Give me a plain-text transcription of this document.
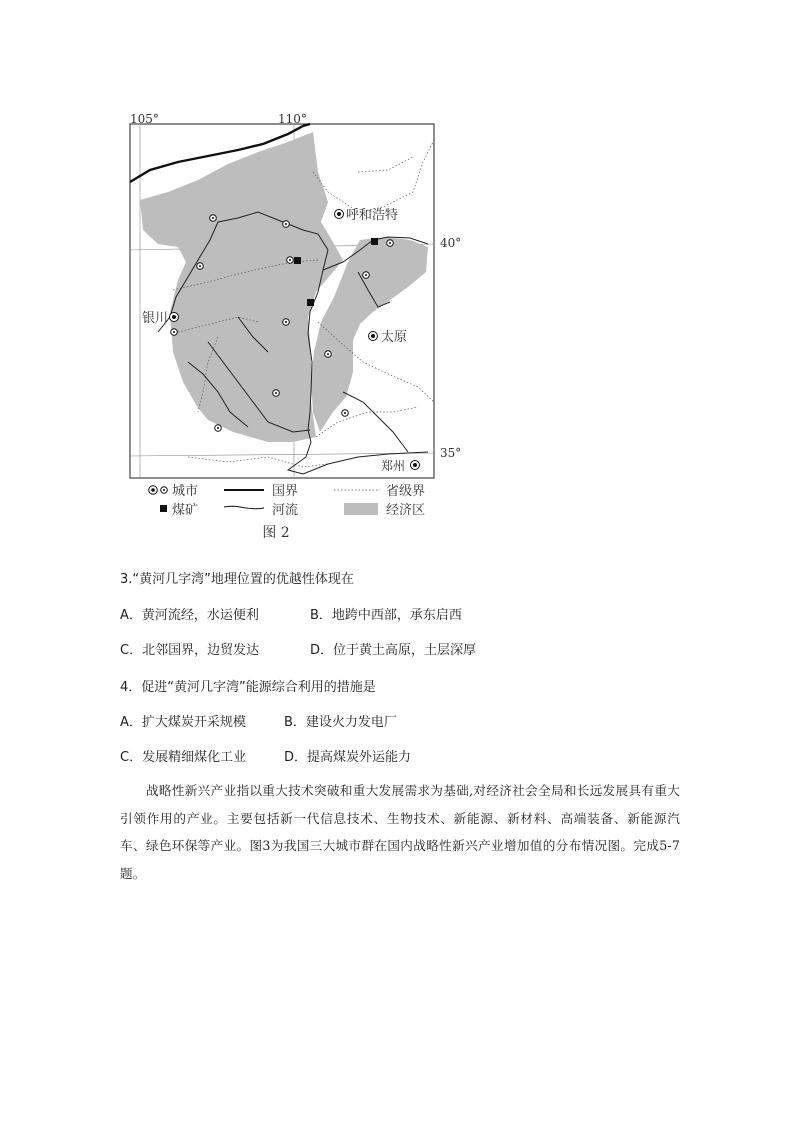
105°	110°
40°
35°
呼和浩特
银川
太原
郑州
城市	国界	省级界
煤矿	河流	经济区
图 2
3.“黄河几字湾”地理位置的优越性体现在
A．黄河流经，水运便利	B．地跨中西部，承东启西
C．北邻国界，边贸发达	D．位于黄土高原，土层深厚
4．促进“黄河几字湾”能源综合利用的措施是
A．扩大煤炭开采规模	B．建设火力发电厂
C．发展精细煤化工业	D．提高煤炭外运能力
战略性新兴产业指以重大技术突破和重大发展需求为基础,对经济社会全局和长远发展具有重大引领作用的产业。主要包括新一代信息技术、生物技术、新能源、新材料、高端装备、新能源汽车、绿色环保等产业。图3为我国三大城市群在国内战略性新兴产业增加值的分布情况图。完成5-7题。
